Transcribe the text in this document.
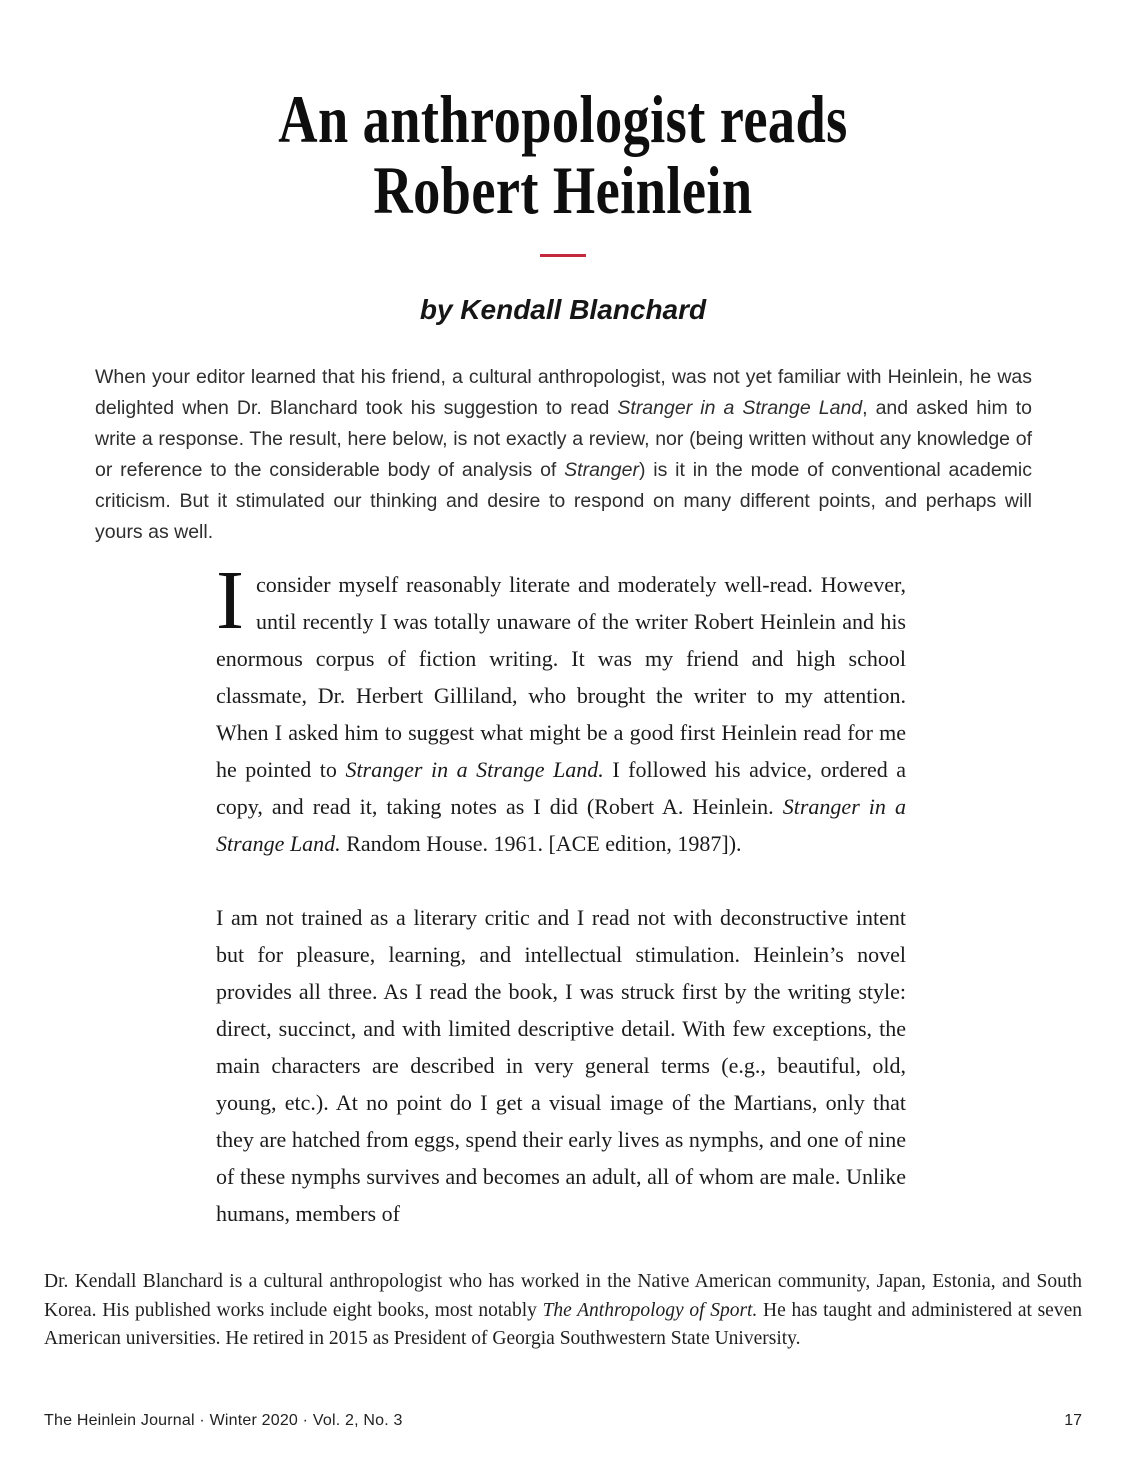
An anthropologist reads
Robert Heinlein
by Kendall Blanchard
When your editor learned that his friend, a cultural anthropologist, was not yet familiar with Heinlein, he was delighted when Dr. Blanchard took his suggestion to read Stranger in a Strange Land, and asked him to write a response. The result, here below, is not exactly a review, nor (being written without any knowledge of or reference to the considerable body of analysis of Stranger) is it in the mode of conventional academic criticism. But it stimulated our thinking and desire to respond on many different points, and perhaps will yours as well.

Iconsider myself reasonably literate and moderately well-read. However, until recently I was totally unaware of the writer Robert Heinlein and his enormous corpus of fiction writing. It was my friend and high school classmate, Dr. Herbert Gilliland, who brought the writer to my attention. When I asked him to suggest what might be a good first Heinlein read for me he pointed to Stranger in a Strange Land. I followed his advice, ordered a copy, and read it, taking notes as I did (Robert A. Heinlein. Stranger in a Strange Land. Random House. 1961. [ACE edition, 1987]).

I am not trained as a literary critic and I read not with deconstructive intent but for pleasure, learning, and intellectual stimulation. Heinlein’s novel provides all three. As I read the book, I was struck first by the writing style: direct, succinct, and with limited descriptive detail. With few exceptions, the main characters are described in very general terms (e.g., beautiful, old, young, etc.). At no point do I get a visual image of the Martians, only that they are hatched from eggs, spend their early lives as nymphs, and one of nine of these nymphs survives and becomes an adult, all of whom are male. Unlike humans, members of

Dr. Kendall Blanchard is a cultural anthropologist who has worked in the Native American community, Japan, Estonia, and South Korea. His published works include eight books, most notably The Anthropology of Sport. He has taught and administered at seven American universities. He retired in 2015 as President of Georgia Southwestern State University.
The Heinlein Journal · Winter 2020 · Vol. 2, No. 3	17
